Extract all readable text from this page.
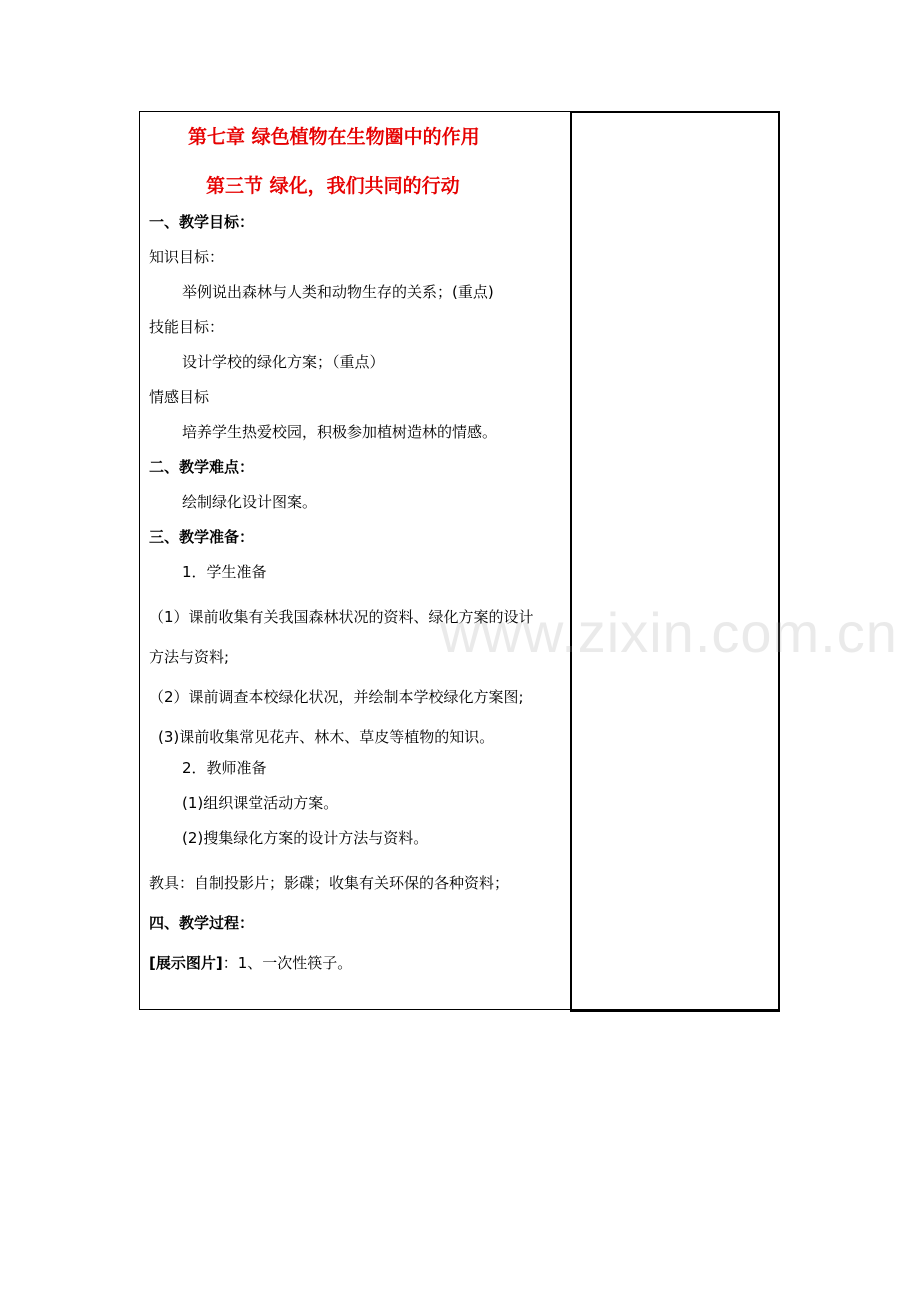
第七章 绿色植物在生物圈中的作用
第三节 绿化，我们共同的行动
一、教学目标：
知识目标：
举例说出森林与人类和动物生存的关系；(重点)
技能目标：
设计学校的绿化方案；（重点）
情感目标
培养学生热爱校园，积极参加植树造林的情感。
二、教学难点：
绘制绿化设计图案。
三、教学准备：
1．学生准备
（1）课前收集有关我国森林状况的资料、绿化方案的设计
方法与资料;
（2）课前调查本校绿化状况，并绘制本学校绿化方案图;
(3)课前收集常见花卉、林木、草皮等植物的知识。
2．教师准备
(1)组织课堂活动方案。
(2)搜集绿化方案的设计方法与资料。
教具：自制投影片；影碟；收集有关环保的各种资料；
四、教学过程：
[展示图片]：1、一次性筷子。
www.zixin.com.cn
